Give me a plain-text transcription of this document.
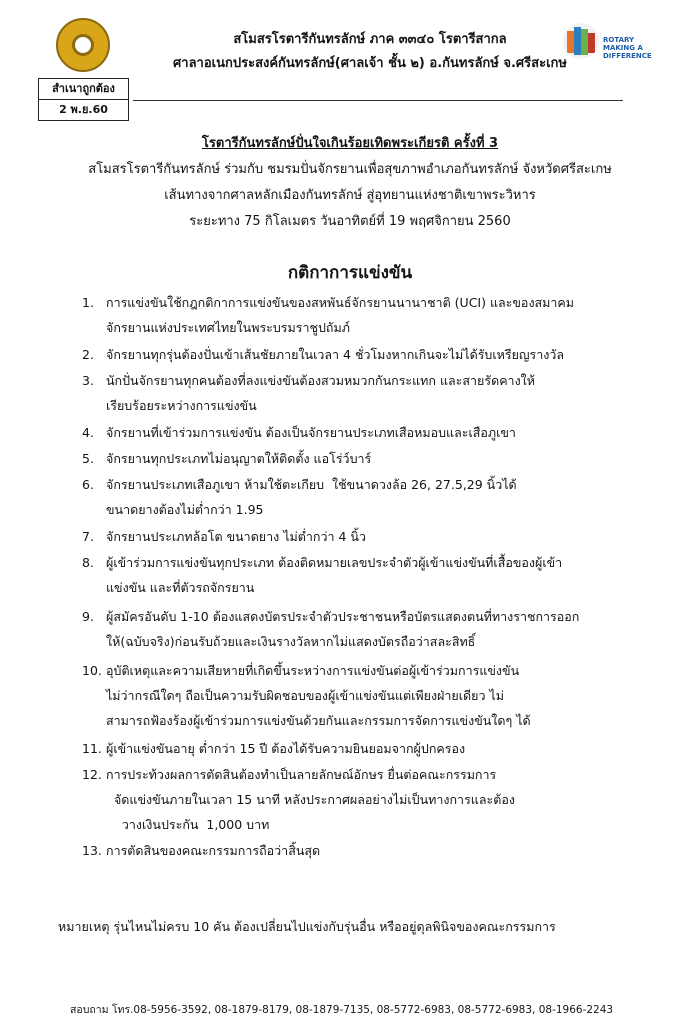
ROTARY MAKING A DIFFERENCE
สโมสรโรตารีกันทรลักษ์ ภาค ๓๓๔๐ โรตารีสากล
ศาลาอเนกประสงค์กันทรลักษ์(ศาลเจ้า ชั้น ๒) อ.กันทรลักษ์ จ.ศรีสะเกษ
สำเนาถูกต้อง
2 พ.ย.60
โรตารีกันทรลักษ์ปั่นใจเกินร้อยเทิดพระเกียรติ ครั้งที่ 3
สโมสรโรตารีกันทรลักษ์ ร่วมกับ ชมรมปั่นจักรยานเพื่อสุขภาพอำเภอกันทรลักษ์ จังหวัดศรีสะเกษ
เส้นทางจากศาลหลักเมืองกันทรลักษ์ สู่อุทยานแห่งชาติเขาพระวิหาร
ระยะทาง 75 กิโลเมตร วันอาทิตย์ที่ 19 พฤศจิกายน 2560
กติกาการแข่งขัน
1. การแข่งขันใช้กฎกติกาการแข่งขันของสหพันธ์จักรยานนานาชาติ (UCI) และของสมาคม
จักรยานแห่งประเทศไทยในพระบรมราชูปถัมภ์
2. จักรยานทุกรุ่นต้องปั่นเข้าเส้นชัยภายในเวลา 4 ชั่วโมงหากเกินจะไม่ได้รับเหรียญรางวัล
3. นักปั่นจักรยานทุกคนต้องที่ลงแข่งขันต้องสวมหมวกกันกระแทก และสายรัดคางให้
เรียบร้อยระหว่างการแข่งขัน
4. จักรยานที่เข้าร่วมการแข่งขัน ต้องเป็นจักรยานประเภทเสือหมอบและเสือภูเขา
5. จักรยานทุกประเภทไม่อนุญาตให้ติดตั้ง แอโร่ว์บาร์
6. จักรยานประเภทเสือภูเขา ห้ามใช้ตะเกียบ  ใช้ขนาดวงล้อ 26, 27.5,29 นิ้วได้
ขนาดยางต้องไม่ต่ำกว่า 1.95
7. จักรยานประเภทล้อโต ขนาดยาง ไม่ต่ำกว่า 4 นิ้ว
8. ผู้เข้าร่วมการแข่งขันทุกประเภท ต้องติดหมายเลขประจำตัวผู้เข้าแข่งขันที่เสื้อของผู้เข้า
แข่งขัน และที่ตัวรถจักรยาน
9. ผู้สมัครอันดับ 1-10 ต้องแสดงบัตรประจำตัวประชาชนหรือบัตรแสดงตนที่ทางราชการออก
ให้(ฉบับจริง)ก่อนรับถ้วยและเงินรางวัลหากไม่แสดงบัตรถือว่าสละสิทธิ์
10. อุบัติเหตุและความเสียหายที่เกิดขึ้นระหว่างการแข่งขันต่อผู้เข้าร่วมการแข่งขัน
ไม่ว่ากรณีใดๆ ถือเป็นความรับผิดชอบของผู้เข้าแข่งขันแต่เพียงฝ่ายเดียว ไม่
สามารถฟ้องร้องผู้เข้าร่วมการแข่งขันด้วยกันและกรรมการจัดการแข่งขันใดๆ ได้
11. ผู้เข้าแข่งขันอายุ ต่ำกว่า 15 ปี ต้องได้รับความยินยอมจากผู้ปกครอง
12. การประท้วงผลการตัดสินต้องทำเป็นลายลักษณ์อักษร ยื่นต่อคณะกรรมการ
จัดแข่งขันภายในเวลา 15 นาที หลังประกาศผลอย่างไม่เป็นทางการและต้อง
วางเงินประกัน  1,000 บาท
13. การตัดสินของคณะกรรมการถือว่าสิ้นสุด
หมายเหตุ รุ่นไหนไม่ครบ 10 คัน ต้องเปลี่ยนไปแข่งกับรุ่นอื่น หรืออยู่ดุลพินิจของคณะกรรมการ
สอบถาม โทร.08-5956-3592, 08-1879-8179, 08-1879-7135, 08-5772-6983, 08-5772-6983, 08-1966-2243
